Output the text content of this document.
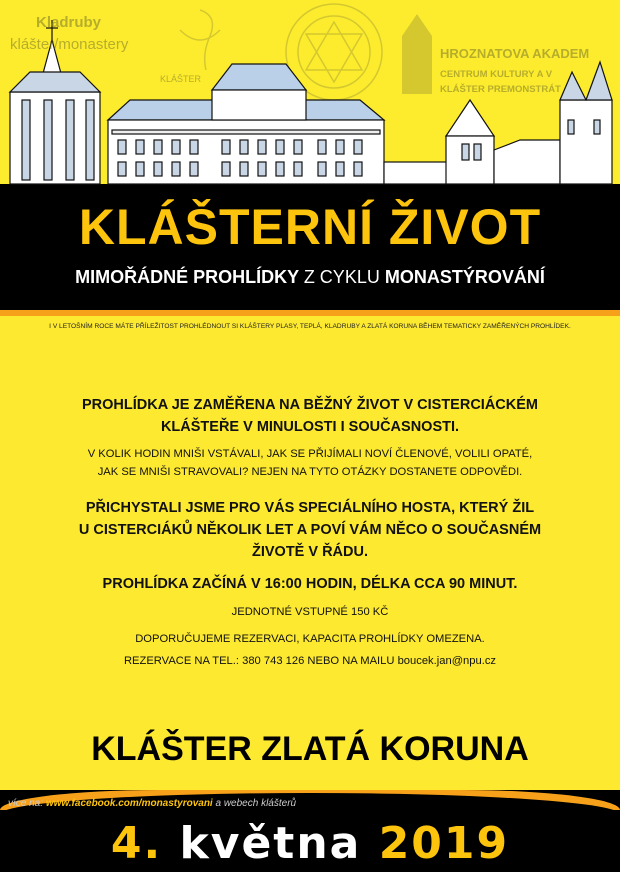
Kladruby
klášter/monastery
KLÁŠTER
HROZNATOVA AKADEM
CENTRUM KULTURY A V
KLÁŠTER PREMONSTRÁT
KLÁŠTERNÍ ŽIVOT
MIMOŘÁDNÉ PROHLÍDKY Z CYKLU MONASTÝROVÁNÍ
I V LETOŠNÍM ROCE MÁTE PŘÍLEŽITOST PROHLÉDNOUT SI KLÁŠTERY PLASY, TEPLÁ, KLADRUBY A ZLATÁ KORUNA BĚHEM TEMATICKY ZAMĚŘENÝCH PROHLÍDEK.
PROHLÍDKA JE ZAMĚŘENA NA BĚŽNÝ ŽIVOT V CISTERCIÁCKÉM
KLÁŠTEŘE V MINULOSTI I SOUČASNOSTI.
V KOLIK HODIN MNIŠI VSTÁVALI, JAK SE PŘIJÍMALI NOVÍ ČLENOVÉ, VOLILI OPATÉ,
JAK SE MNIŠI STRAVOVALI? NEJEN NA TYTO OTÁZKY DOSTANETE ODPOVĚDI.
PŘICHYSTALI JSME PRO VÁS SPECIÁLNÍHO HOSTA, KTERÝ ŽIL
U CISTERCIÁKŮ NĚKOLIK LET A POVÍ VÁM NĚCO O SOUČASNÉM
ŽIVOTĚ V ŘÁDU.
PROHLÍDKA ZAČÍNÁ V 16:00 HODIN, DÉLKA CCA 90 MINUT.
JEDNOTNÉ VSTUPNÉ 150 KČ
DOPORUČUJEME REZERVACI, KAPACITA PROHLÍDKY OMEZENA.
REZERVACE NA TEL.: 380 743 126 NEBO NA MAILU boucek.jan@npu.cz
KLÁŠTER ZLATÁ KORUNA
více na: www.facebook.com/monastyrovani a webech klášterů
4. května 2019
